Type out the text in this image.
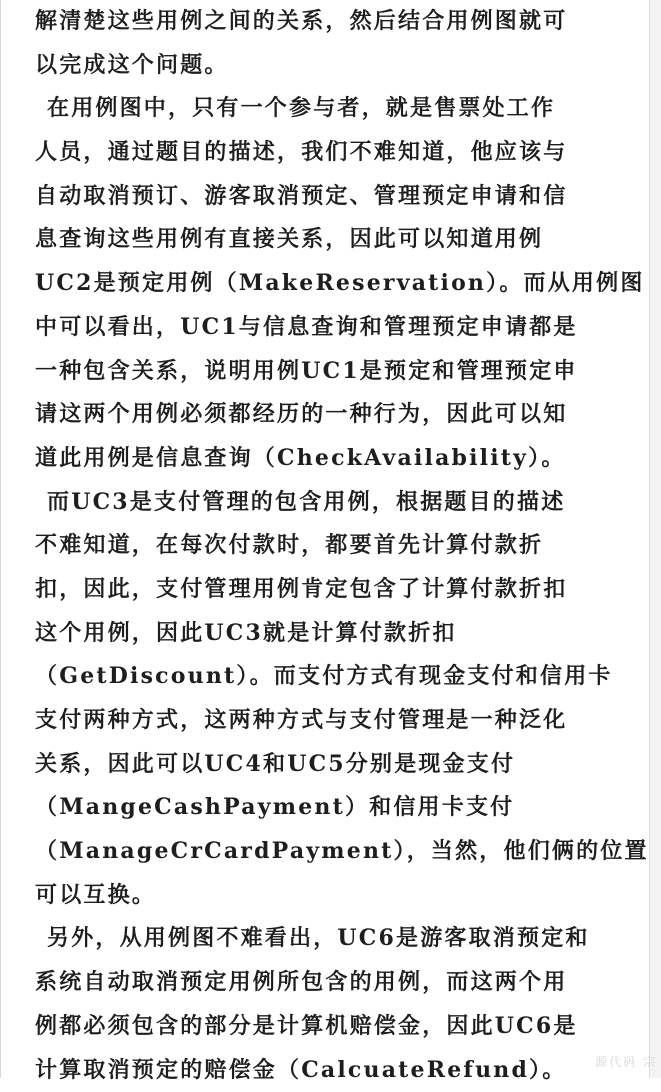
解清楚这些用例之间的关系，然后结合用例图就可
以完成这个问题。
在用例图中，只有一个参与者，就是售票处工作
人员，通过题目的描述，我们不难知道，他应该与
自动取消预订、游客取消预定、管理预定申请和信
息查询这些用例有直接关系，因此可以知道用例
UC2是预定用例（MakeReservation）。而从用例图
中可以看出，UC1与信息查询和管理预定申请都是
一种包含关系，说明用例UC1是预定和管理预定申
请这两个用例必须都经历的一种行为，因此可以知
道此用例是信息查询（CheckAvailability）。
而UC3是支付管理的包含用例，根据题目的描述
不难知道，在每次付款时，都要首先计算付款折
扣，因此，支付管理用例肯定包含了计算付款折扣
这个用例，因此UC3就是计算付款折扣
（GetDiscount）。而支付方式有现金支付和信用卡
支付两种方式，这两种方式与支付管理是一种泛化
关系，因此可以UC4和UC5分别是现金支付
（MangeCashPayment）和信用卡支付
（ManageCrCardPayment），当然，他们俩的位置
可以互换。
另外，从用例图不难看出，UC6是游客取消预定和
系统自动取消预定用例所包含的用例，而这两个用
例都必须包含的部分是计算机赔偿金，因此UC6是
计算取消预定的赔偿金（CalcuateRefund）。	源代码 宗
